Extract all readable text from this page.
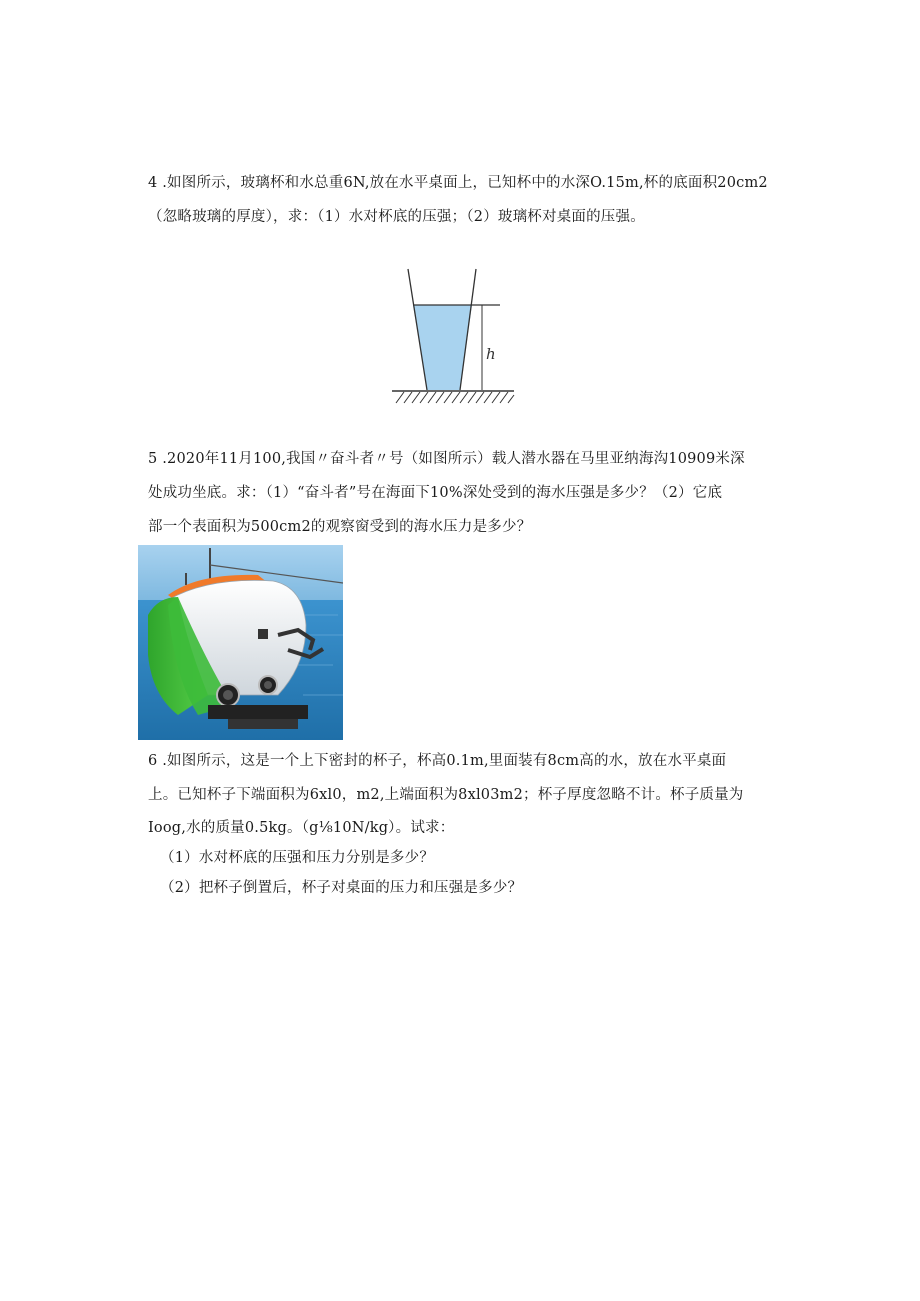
4 .如图所示，玻璃杯和水总重6N,放在水平桌面上，已知杯中的水深O.15m,杯的底面积20cm2
（忽略玻璃的厚度），求：（1）水对杯底的压强；（2）玻璃杯对桌面的压强。
h
5 .2020年11月100,我国〃奋斗者〃号（如图所示）载人潜水器在马里亚纳海沟10909米深
处成功坐底。求：（1）“奋斗者”号在海面下10%深处受到的海水压强是多少？（2）它底
部一个表面积为500cm2的观察窗受到的海水压力是多少？
6 .如图所示，这是一个上下密封的杯子，杯高0.1m,里面装有8cm高的水，放在水平桌面
上。已知杯子下端面积为6xl0，m2,上端面积为8xl03m2；杯子厚度忽略不计。杯子质量为
Ioog,水的质量0.5kg。（g⅛10N∕kg）。试求：
（1）水对杯底的压强和压力分别是多少？
（2）把杯子倒置后，杯子对桌面的压力和压强是多少？
